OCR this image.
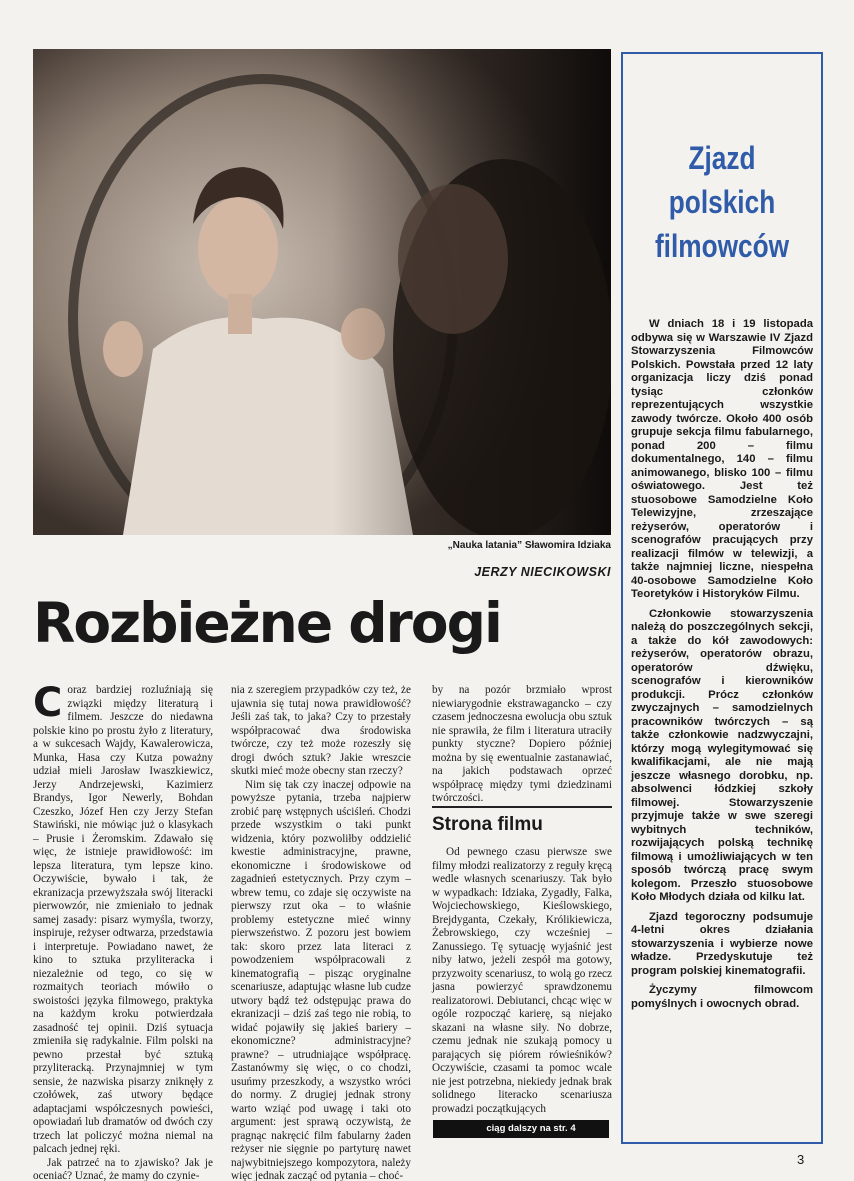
„Nauka latania” Sławomira Idziaka
JERZY NIECIKOWSKI
Rozbieżne drogi

Coraz bardziej rozluźniają się związki między literaturą i filmem. Jeszcze do niedawna polskie kino po prostu żyło z literatury, a w sukcesach Wajdy, Kawalerowicza, Munka, Hasa czy Kutza poważny udział mieli Jarosław Iwaszkiewicz, Jerzy Andrzejewski, Kazimierz Brandys, Igor Newerly, Bohdan Czeszko, Józef Hen czy Jerzy Stefan Stawiński, nie mówiąc już o klasykach – Prusie i Żeromskim. Zdawało się więc, że istnieje prawidłowość: im lepsza literatura, tym lepsze kino. Oczywiście, bywało i tak, że ekranizacja przewyższała swój literacki pierwowzór, nie zmieniało to jednak samej zasady: pisarz wymyśla, tworzy, inspiruje, reżyser odtwarza, przedstawia i interpretuje. Powiadano nawet, że kino to sztuka przyliteracka i niezależnie od tego, co się w rozmaitych teoriach mówiło o swoistości języka filmowego, praktyka na każdym kroku potwierdzała zasadność tej opinii. Dziś sytuacja zmieniła się radykalnie. Film polski na pewno przestał być sztuką przyliteracką. Przynajmniej w tym sensie, że nazwiska pisarzy zniknęły z czołówek, zaś utwory będące adaptacjami współczesnych powieści, opowiadań lub dramatów od dwóch czy trzech lat policzyć można niemal na palcach jednej ręki.

Jak patrzeć na to zjawisko? Jak je oceniać? Uznać, że mamy do czynie-

nia z szeregiem przypadków czy też, że ujawnia się tutaj nowa prawidłowość? Jeśli zaś tak, to jaka? Czy to przestały współpracować dwa środowiska twórcze, czy też może rozeszły się drogi dwóch sztuk? Jakie wreszcie skutki mieć może obecny stan rzeczy?

Nim się tak czy inaczej odpowie na powyższe pytania, trzeba najpierw zrobić parę wstępnych uściśleń. Chodzi przede wszystkim o taki punkt widzenia, który pozwoliłby oddzielić kwestie administracyjne, prawne, ekonomiczne i środowiskowe od zagadnień estetycznych. Przy czym – wbrew temu, co zdaje się oczywiste na pierwszy rzut oka – to właśnie problemy estetyczne mieć winny pierwszeństwo. Z pozoru jest bowiem tak: skoro przez lata literaci z powodzeniem współpracowali z kinematografią – pisząc oryginalne scenariusze, adaptując własne lub cudze utwory bądź też odstępując prawa do ekranizacji – dziś zaś tego nie robią, to widać pojawiły się jakieś bariery – ekonomiczne? administracyjne? prawne? – utrudniające współpracę. Zastanówmy się więc, o co chodzi, usuńmy przeszkody, a wszystko wróci do normy. Z drugiej jednak strony warto wziąć pod uwagę i taki oto argument: jest sprawą oczywistą, że pragnąc nakręcić film fabularny żaden reżyser nie sięgnie po partyturę nawet najwybitniejszego kompozytora, należy więc jednak zacząć od pytania – choć-

by na pozór brzmiało wprost niewiarygodnie ekstrawagancko – czy czasem jednoczesna ewolucja obu sztuk nie sprawiła, że film i literatura utraciły punkty styczne? Dopiero później można by się ewentualnie zastanawiać, na jakich podstawach oprzeć współpracę między tymi dziedzinami twórczości.

Strona filmu

Od pewnego czasu pierwsze swe filmy młodzi realizatorzy z reguły kręcą wedle własnych scenariuszy. Tak było w wypadkach: Idziaka, Zygadły, Falka, Wojciechowskiego, Kieślowskiego, Brejdyganta, Czekały, Królikiewicza, Żebrowskiego, czy wcześniej – Zanussiego. Tę sytuację wyjaśnić jest niby łatwo, jeżeli zespół ma gotowy, przyzwoity scenariusz, to wolą go rzecz jasna powierzyć sprawdzonemu realizatorowi. Debiutanci, chcąc więc w ogóle rozpocząć karierę, są niejako skazani na własne siły. No dobrze, czemu jednak nie szukają pomocy u parających się piórem rówieśników? Oczywiście, czasami ta pomoc wcale nie jest potrzebna, niekiedy jednak brak solidnego literacko scenariusza prowadzi początkujących

ciąg dalszy na str. 4
Zjazd
polskich
filmowców

W dniach 18 i 19 listopada odbywa się w Warszawie IV Zjazd Stowarzyszenia Filmowców Polskich. Powstała przed 12 laty organizacja liczy dziś ponad tysiąc członków reprezentujących wszystkie zawody twórcze. Około 400 osób grupuje sekcja filmu fabularnego, ponad 200 – filmu dokumentalnego, 140 – filmu animowanego, blisko 100 – filmu oświatowego. Jest też stuosobowe Samodzielne Koło Telewizyjne, zrzeszające reżyserów, operatorów i scenografów pracujących przy realizacji filmów w telewizji, a także najmniej liczne, niespełna 40-osobowe Samodzielne Koło Teoretyków i Historyków Filmu.

Członkowie stowarzyszenia należą do poszczególnych sekcji, a także do kół zawodowych: reżyserów, operatorów obrazu, operatorów dźwięku, scenografów i kierowników produkcji. Prócz członków zwyczajnych – samodzielnych pracowników twórczych – są także członkowie nadzwyczajni, którzy mogą wylegitymować się kwalifikacjami, ale nie mają jeszcze własnego dorobku, np. absolwenci łódzkiej szkoły filmowej. Stowarzyszenie przyjmuje także w swe szeregi wybitnych techników, rozwijających polską technikę filmową i umożliwiających w ten sposób twórczą pracę swym kolegom. Przeszło stuosobowe Koło Młodych działa od kilku lat.

Zjazd tegoroczny podsumuje 4-letni okres działania stowarzyszenia i wybierze nowe władze. Przedyskutuje też program polskiej kinematografii.

Życzymy filmowcom pomyślnych i owocnych obrad.

3
